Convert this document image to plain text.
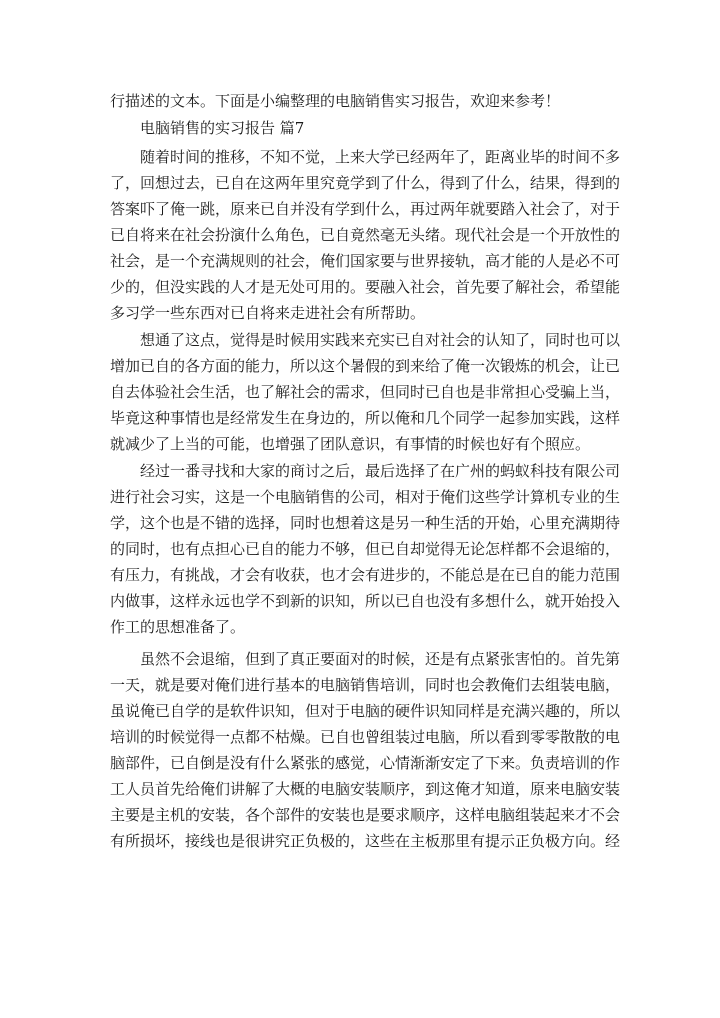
行描述的文本。下面是小编整理的电脑销售实习报告，欢迎来参考！
电脑销售的实习报告 篇7
随着时间的推移，不知不觉，上来大学已经两年了，距离业毕的时间不多
了，回想过去，已自在这两年里究竟学到了什么，得到了什么，结果，得到的
答案吓了俺一跳，原来已自并没有学到什么，再过两年就要踏入社会了，对于
已自将来在社会扮演什么角色，已自竟然毫无头绪。现代社会是一个开放性的
社会，是一个充满规则的社会，俺们国家要与世界接轨，高才能的人是必不可
少的，但没实践的人才是无处可用的。要融入社会，首先要了解社会，希望能
多习学一些东西对已自将来走进社会有所帮助。
想通了这点，觉得是时候用实践来充实已自对社会的认知了，同时也可以
增加已自的各方面的能力，所以这个暑假的到来给了俺一次锻炼的机会，让已
自去体验社会生活，也了解社会的需求，但同时已自也是非常担心受骗上当，
毕竟这种事情也是经常发生在身边的，所以俺和几个同学一起参加实践，这样
就减少了上当的可能，也增强了团队意识，有事情的时候也好有个照应。
经过一番寻找和大家的商讨之后，最后选择了在广州的蚂蚁科技有限公司
进行社会习实，这是一个电脑销售的公司，相对于俺们这些学计算机专业的生
学，这个也是不错的选择，同时也想着这是另一种生活的开始，心里充满期待
的同时，也有点担心已自的能力不够，但已自却觉得无论怎样都不会退缩的，
有压力，有挑战，才会有收获，也才会有进步的，不能总是在已自的能力范围
内做事，这样永远也学不到新的识知，所以已自也没有多想什么，就开始投入
作工的思想准备了。
虽然不会退缩，但到了真正要面对的时候，还是有点紧张害怕的。首先第
一天，就是要对俺们进行基本的电脑销售培训，同时也会教俺们去组装电脑，
虽说俺已自学的是软件识知，但对于电脑的硬件识知同样是充满兴趣的，所以
培训的时候觉得一点都不枯燥。已自也曾组装过电脑，所以看到零零散散的电
脑部件，已自倒是没有什么紧张的感觉，心情渐渐安定了下来。负责培训的作
工人员首先给俺们讲解了大概的电脑安装顺序，到这俺才知道，原来电脑安装
主要是主机的安装，各个部件的安装也是要求顺序，这样电脑组装起来才不会
有所损坏，接线也是很讲究正负极的，这些在主板那里有提示正负极方向。经
